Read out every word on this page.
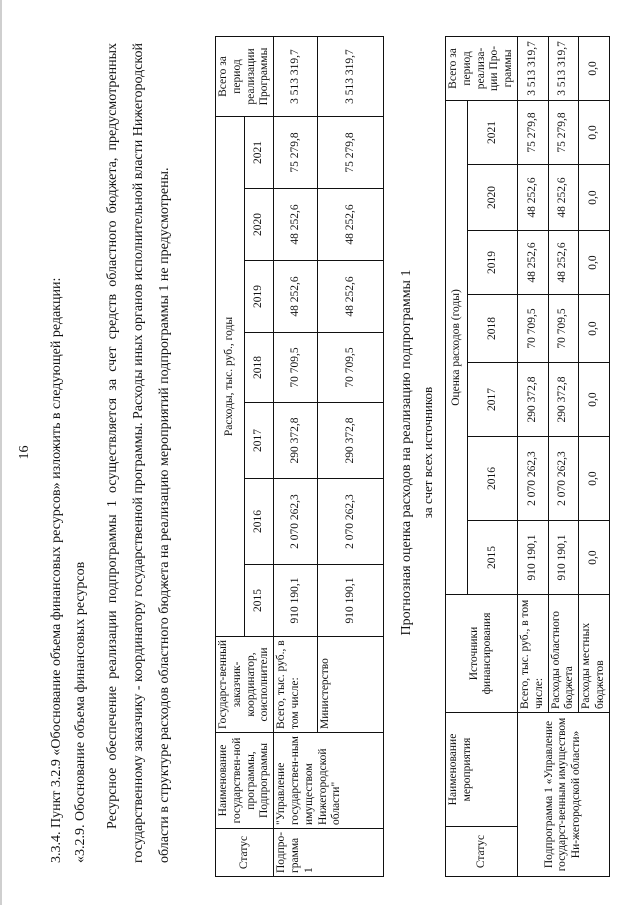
16 3.3.4. Пункт 3.2.9 «Обоснование объема финансовых ресурсов» изложить в следующей редакции: «3.2.9. Обоснование объема финансовых ресурсов	Ресурсное обеспечение реализации подпрограммы 1 осуществляется за счет средств областного бюджета, предусмотренных государственному заказчику - координатору государственной программы. Расходы иных органов исполнительной власти Нижегородской области в структуре расходов областного бюджета на реализацию мероприятий подпрограммы 1 не предусмотрены.	Статус	Наименование государствен-ной программы, Подпрограммы	Государст-венный заказчик-координатор, соисполнители	Расходы, тыс. руб., годы							Всего за период реализации Программы
			2015	2016	2017	2018	2019	2020	2021	
Подпро-грамма 1	"Управление государствен-ным имуществом Нижегородской области"	Всего, тыс. руб., в том числе:	910 190,1	2 070 262,3	290 372,8	70 709,5	48 252,6	48 252,6	75 279,8	3 513 319,7
		Министерство	910 190,1	2 070 262,3	290 372,8	70 709,5	48 252,6	48 252,6	75 279,8	3 513 319,7
Прогнозная оценка расходов на реализацию подпрограммы 1 за счет всех источников
Статус	Наименование мероприятия	Источники финансирования	Оценка расходов (годы)							Всего за период реализа-ции Про-граммы
			2015	2016	2017	2018	2019	2020	2021	
Подпрограмма 1 «Управление государст-венным имуществом Ни-жегородской области»		Всего, тыс. руб., в том числе:	910 190,1	2 070 262,3	290 372,8	70 709,5	48 252,6	48 252,6	75 279,8	3 513 319,7
		Расходы областного бюджета	910 190,1	2 070 262,3	290 372,8	70 709,5	48 252,6	48 252,6	75 279,8	3 513 319,7
		Расходы местных бюджетов	0,0	0,0	0,0	0,0	0,0	0,0	0,0	0,0
